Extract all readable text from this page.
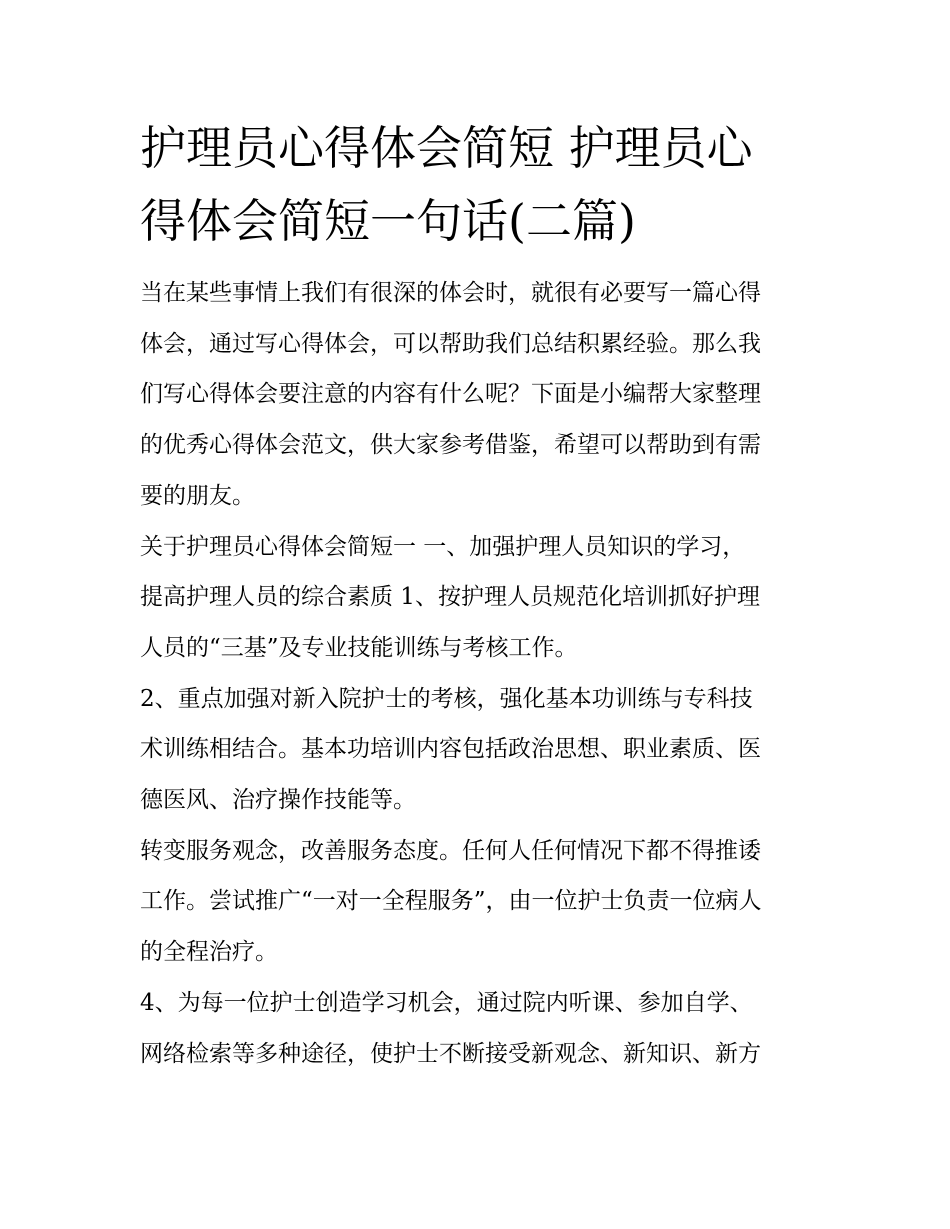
护理员心得体会简短 护理员心
得体会简短一句话(二篇)

当在某些事情上我们有很深的体会时，就很有必要写一篇心得
体会，通过写心得体会，可以帮助我们总结积累经验。那么我
们写心得体会要注意的内容有什么呢？下面是小编帮大家整理
的优秀心得体会范文，供大家参考借鉴，希望可以帮助到有需
要的朋友。

关于护理员心得体会简短一 一、加强护理人员知识的学习，
提高护理人员的综合素质 1、按护理人员规范化培训抓好护理
人员的“三基”及专业技能训练与考核工作。

2、重点加强对新入院护士的考核，强化基本功训练与专科技
术训练相结合。基本功培训内容包括政治思想、职业素质、医
德医风、治疗操作技能等。

转变服务观念，改善服务态度。任何人任何情况下都不得推诿
工作。尝试推广“一对一全程服务”，由一位护士负责一位病人
的全程治疗。

4、为每一位护士创造学习机会，通过院内听课、参加自学、
网络检索等多种途径，使护士不断接受新观念、新知识、新方
